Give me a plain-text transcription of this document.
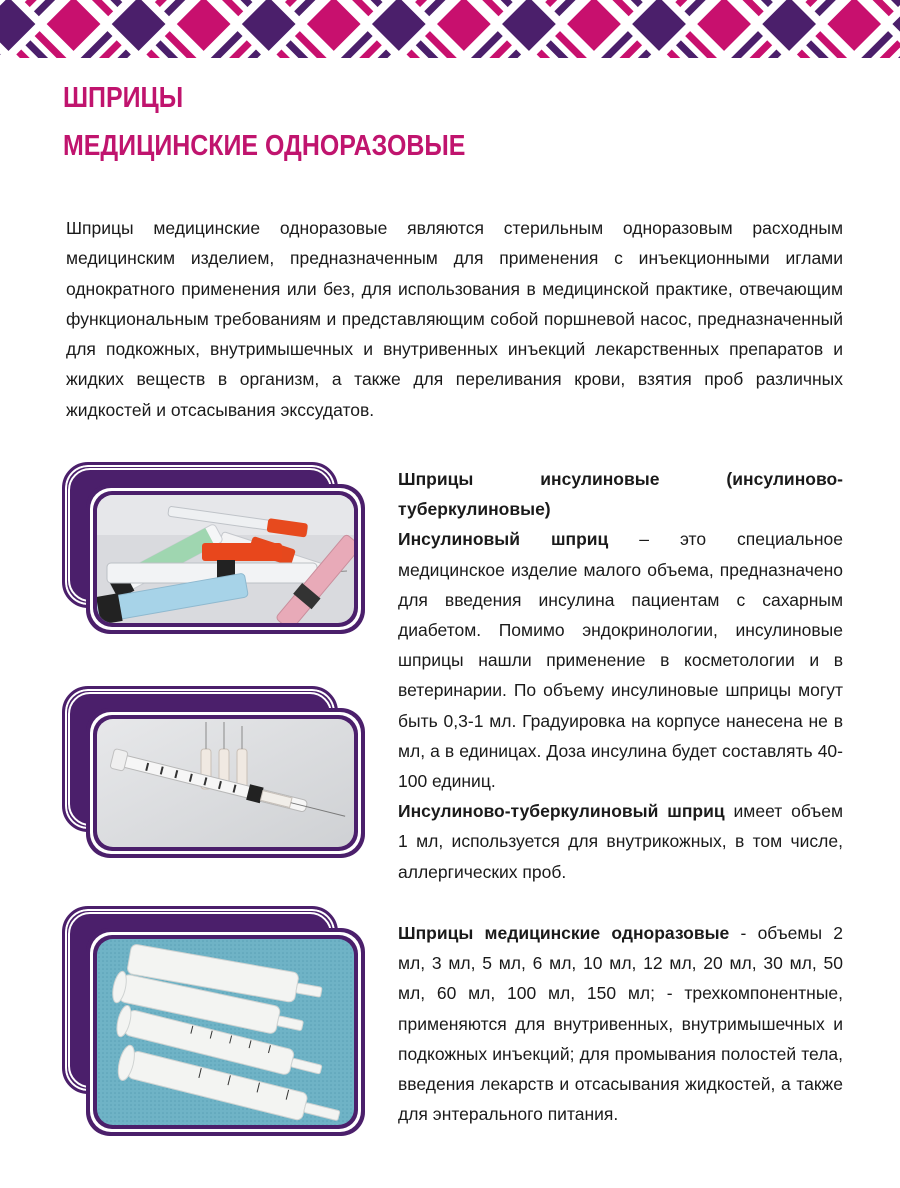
ШПРИЦЫ
МЕДИЦИНСКИЕ ОДНОРАЗОВЫЕ

Шприцы медицинские одноразовые являются стерильным одноразовым расходным медицинским изделием, предназначенным для применения с инъекционными иглами однократного применения или без, для использования в медицинской практике, отвечающим функциональным требованиям и представляющим собой поршневой насос, предназначенный для подкожных, внутримышечных и внутривенных инъекций лекарственных препаратов и жидких веществ в организм, а также для переливания крови, взятия проб различных жидкостей и отсасывания экссудатов.

Шприцы инсулиновые (инсулиново-туберкулиновые)
Инсулиновый шприц – это специальное медицинское изделие малого объема, предназначено для введения инсулина пациентам с сахарным диабетом. Помимо эндокринологии, инсулиновые шприцы нашли применение в косметологии и в ветеринарии. По объему инсулиновые шприцы могут быть 0,3-1 мл. Градуировка на корпусе нанесена не в мл, а в единицах. Доза инсулина будет составлять 40-100 единиц.
Инсулиново-туберкулиновый шприц имеет объем 1 мл, используется для внутрикожных, в том числе, аллергических проб.
Шприцы медицинские одноразовые - объемы 2 мл, 3 мл, 5 мл, 6 мл, 10 мл, 12 мл, 20 мл, 30 мл, 50 мл, 60 мл, 100 мл, 150 мл; - трехкомпонентные, применяются для внутривенных, внутримышечных и подкожных инъекций; для промывания полостей тела, введения лекарств и отсасывания жидкостей, а также для энтерального питания.
